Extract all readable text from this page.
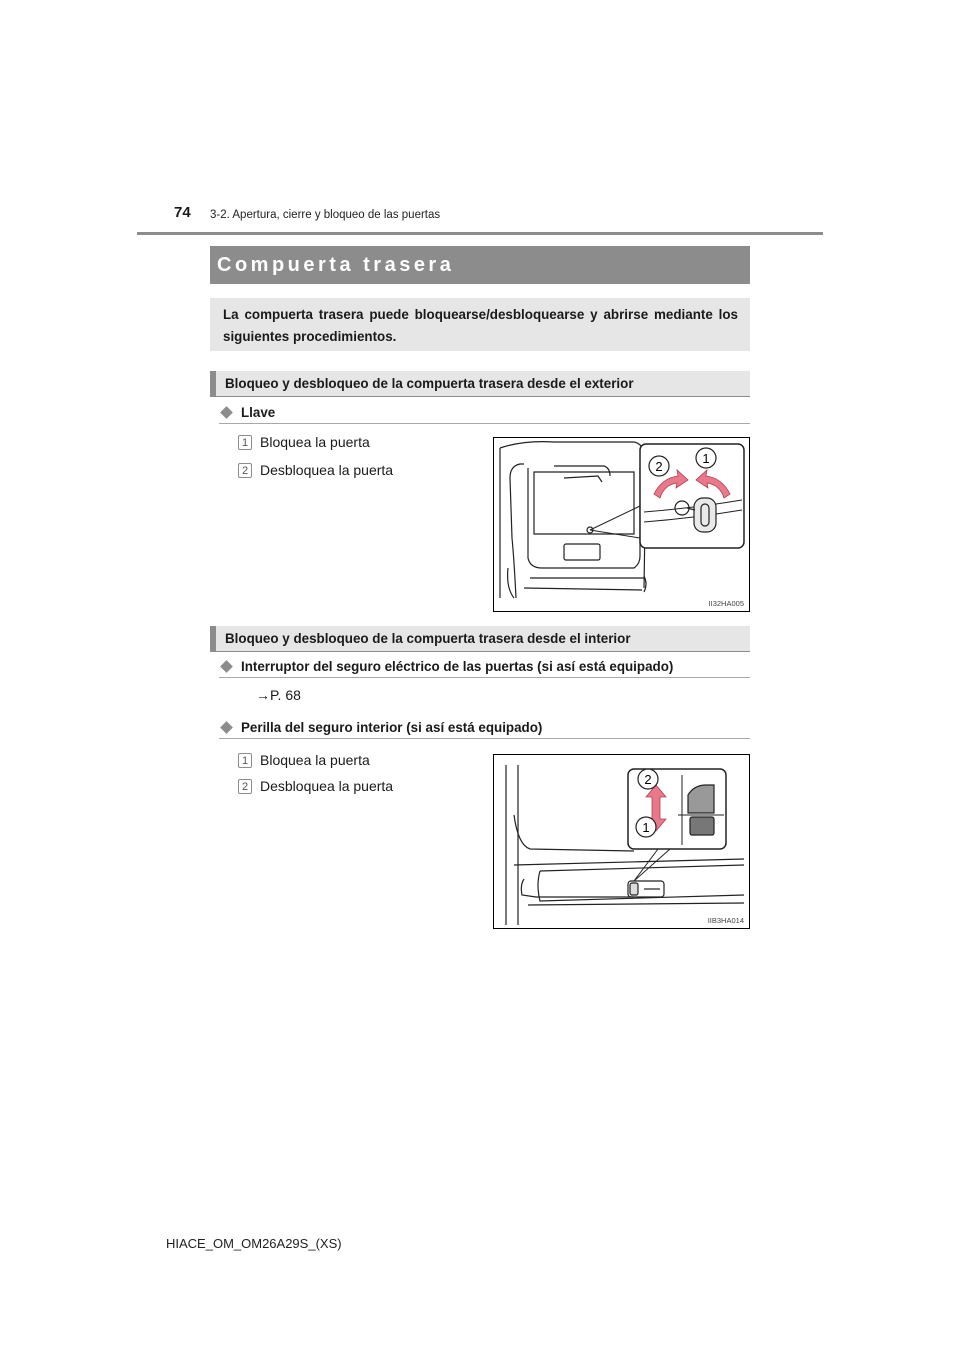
74 3-2. Apertura, cierre y bloqueo de las puertas
Compuerta trasera
La compuerta trasera puede bloquearse/desbloquearse y abrirse mediante los siguientes procedimientos.
Bloqueo y desbloqueo de la compuerta trasera desde el exterior
Llave
1 Bloquea la puerta
2 Desbloquea la puerta	2
1
II32HA005
Bloqueo y desbloqueo de la compuerta trasera desde el interior
Interruptor del seguro eléctrico de las puertas (si así está equipado)
→P. 68
Perilla del seguro interior (si así está equipado)
1 Bloquea la puerta
2 Desbloquea la puerta	2
1
IIB3HA014
HIACE_OM_OM26A29S_(XS)
